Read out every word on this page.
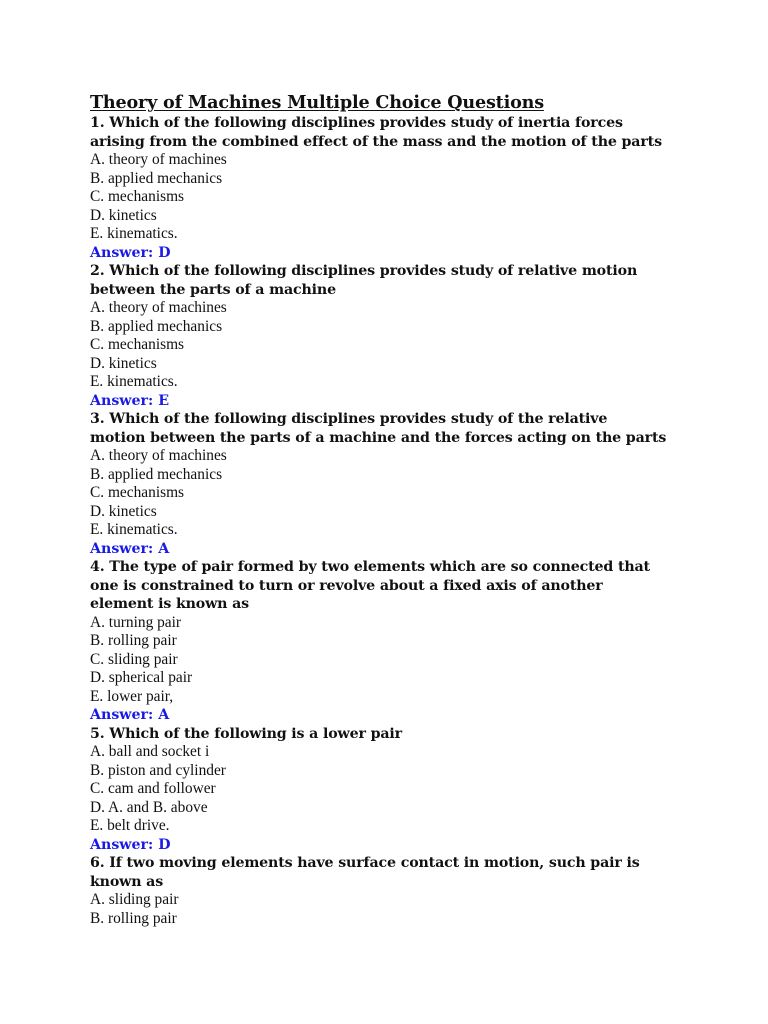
Theory of Machines Multiple Choice Questions

1. Which of the following disciplines provides study of inertia forces

arising from the combined effect of the mass and the motion of the parts

A. theory of machines

B. applied mechanics

C. mechanisms

D. kinetics

E. kinematics.

Answer: D

2. Which of the following disciplines provides study of relative motion

between the parts of a machine

A. theory of machines

B. applied mechanics

C. mechanisms

D. kinetics

E. kinematics.

Answer: E

3. Which of the following disciplines provides study of the relative

motion between the parts of a machine and the forces acting on the parts

A. theory of machines

B. applied mechanics

C. mechanisms

D. kinetics

E. kinematics.

Answer: A

4. The type of pair formed by two elements which are so connected that

one is constrained to turn or revolve about a fixed axis of another

element is known as

A. turning pair

B. rolling pair

C. sliding pair

D. spherical pair

E. lower pair,

Answer: A

5. Which of the following is a lower pair

A. ball and socket i

B. piston and cylinder

C. cam and follower

D. A. and B. above

E. belt drive.

Answer: D

6. If two moving elements have surface contact in motion, such pair is

known as

A. sliding pair

B. rolling pair
